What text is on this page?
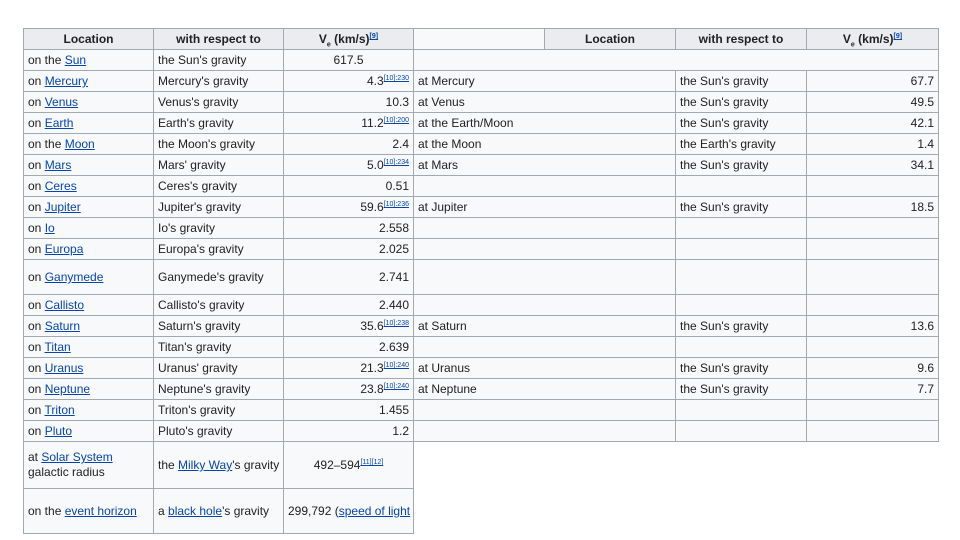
Location	with respect to	$V_e$ (km/s)[9]		Location	with respect to	$V_e$ (km/s)[9]
on the Sun	the Sun's gravity	617.5				
on Mercury	Mercury's gravity	$4.3^{[10]:230}$	at Mercury		the Sun's gravity	67.7
on Venus	Venus's gravity	10.3	at Venus		the Sun's gravity	49.5
on Earth	Earth's gravity	$11.2^{[10]:200}$	at the Earth/Moon		the Sun's gravity	42.1
on the Moon	the Moon's gravity	2.4	at the Moon		the Earth's gravity	1.4
on Mars	Mars' gravity	$5.0^{[10]:234}$	at Mars		the Sun's gravity	34.1
on Ceres	Ceres's gravity	0.51				
on Jupiter	Jupiter's gravity	$59.6^{[10]:236}$	at Jupiter		the Sun's gravity	18.5
on Io	Io's gravity	2.558				
on Europa	Europa's gravity	2.025				
on Ganymede	Ganymede's gravity	2.741				
on Callisto	Callisto's gravity	2.440				
on Saturn	Saturn's gravity	$35.6^{[10]:238}$	at Saturn		the Sun's gravity	13.6
on Titan	Titan's gravity	2.639				
on Uranus	Uranus' gravity	$21.3^{[10]:240}$	at Uranus		the Sun's gravity	9.6
on Neptune	Neptune's gravity	$23.8^{[10]:240}$	at Neptune		the Sun's gravity	7.7
on Triton	Triton's gravity	1.455				
on Pluto	Pluto's gravity	1.2				
at Solar System galactic radius	the Milky Way's gravity	492–594[11][12]	
on the event horizon	a black hole's gravity	299,792 (speed of light				
